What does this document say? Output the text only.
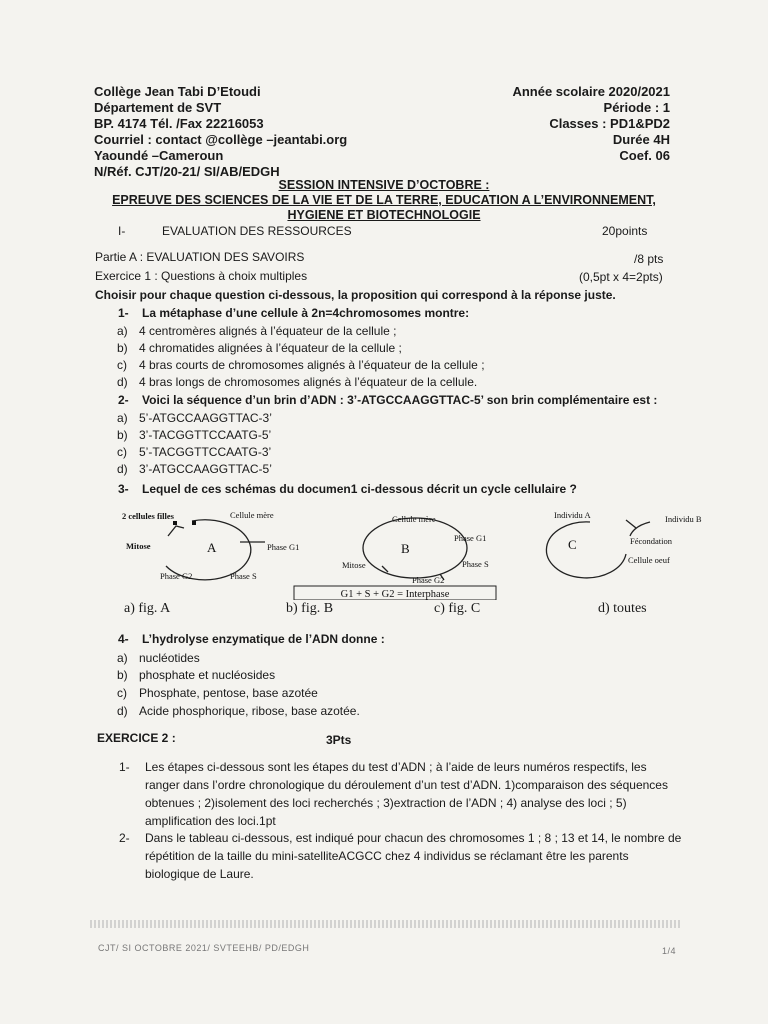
Collège Jean Tabi D’Etoudi
Département de SVT
BP. 4174 Tél. /Fax 22216053
Courriel : contact @collège –jeantabi.org
Yaoundé –Cameroun
N/Réf. CJT/20-21/ SI/AB/EDGH
Année scolaire 2020/2021
Période : 1
Classes : PD1&PD2
Durée 4H
Coef. 06
SESSION INTENSIVE D’OCTOBRE :
EPREUVE DES SCIENCES DE LA VIE ET DE LA TERRE, EDUCATION A L’ENVIRONNEMENT,
HYGIENE ET BIOTECHNOLOGIE
I-	EVALUATION DES RESSOURCES	20points
Partie A : EVALUATION DES SAVOIRS	/8 pts
Exercice 1 : Questions à choix multiples	(0,5pt x 4=2pts)
Choisir pour chaque question ci-dessous, la proposition qui correspond à la réponse juste.
1- La métaphase d’une cellule à 2n=4chromosomes montre:
a) 4 centromères alignés à l’équateur de la cellule ;
b) 4 chromatides alignées à l’équateur de la cellule ;
c) 4 bras courts de chromosomes alignés à l’équateur de la cellule ;
d) 4 bras longs de chromosomes alignés à l’équateur de la cellule.
2- Voici la séquence d’un brin d’ADN : 3’-ATGCCAAGGTTAC-5’ son brin complémentaire est :
a) 5’-ATGCCAAGGTTAC-3’
b) 3’-TACGGTTCCAATG-5’
c) 5’-TACGGTTCCAATG-3’
d) 3’-ATGCCAAGGTTAC-5’
3- Lequel de ces schémas du documen1 ci-dessous décrit un cycle cellulaire ?
2 cellules filles	Cellule mère
Mitose	Phase G1
Phase G2	Phase S
A
Cellule mère
Phase G1
Mitose	Phase S
Phase G2
B
Individu A	Individu B
Fécondation
Cellule oeuf
C
G1 + S + G2 = Interphase
a) fig. A	b) fig. B	c) fig. C	d) toutes
4- L’hydrolyse enzymatique de l’ADN donne :
a) nucléotides
b) phosphate et nucléosides
c) Phosphate, pentose, base azotée
d) Acide phosphorique, ribose, base azotée.
EXERCICE 2 :	3Pts
1- Les étapes ci-dessous sont les étapes du test d’ADN ; à l’aide de leurs numéros respectifs, les ranger dans l’ordre chronologique du déroulement d’un test d’ADN. 1)comparaison des séquences obtenues ; 2)isolement des loci recherchés ; 3)extraction de l’ADN ; 4) analyse des loci ; 5) amplification des loci.1pt
2- Dans le tableau ci-dessous, est indiqué pour chacun des chromosomes 1 ; 8 ; 13 et 14, le nombre de répétition de la taille du mini-satelliteACGCC chez 4 individus se réclamant être les parents biologique de Laure.
CJT/ SI OCTOBRE 2021/ SVTEEHB/ PD/EDGH	1/4
